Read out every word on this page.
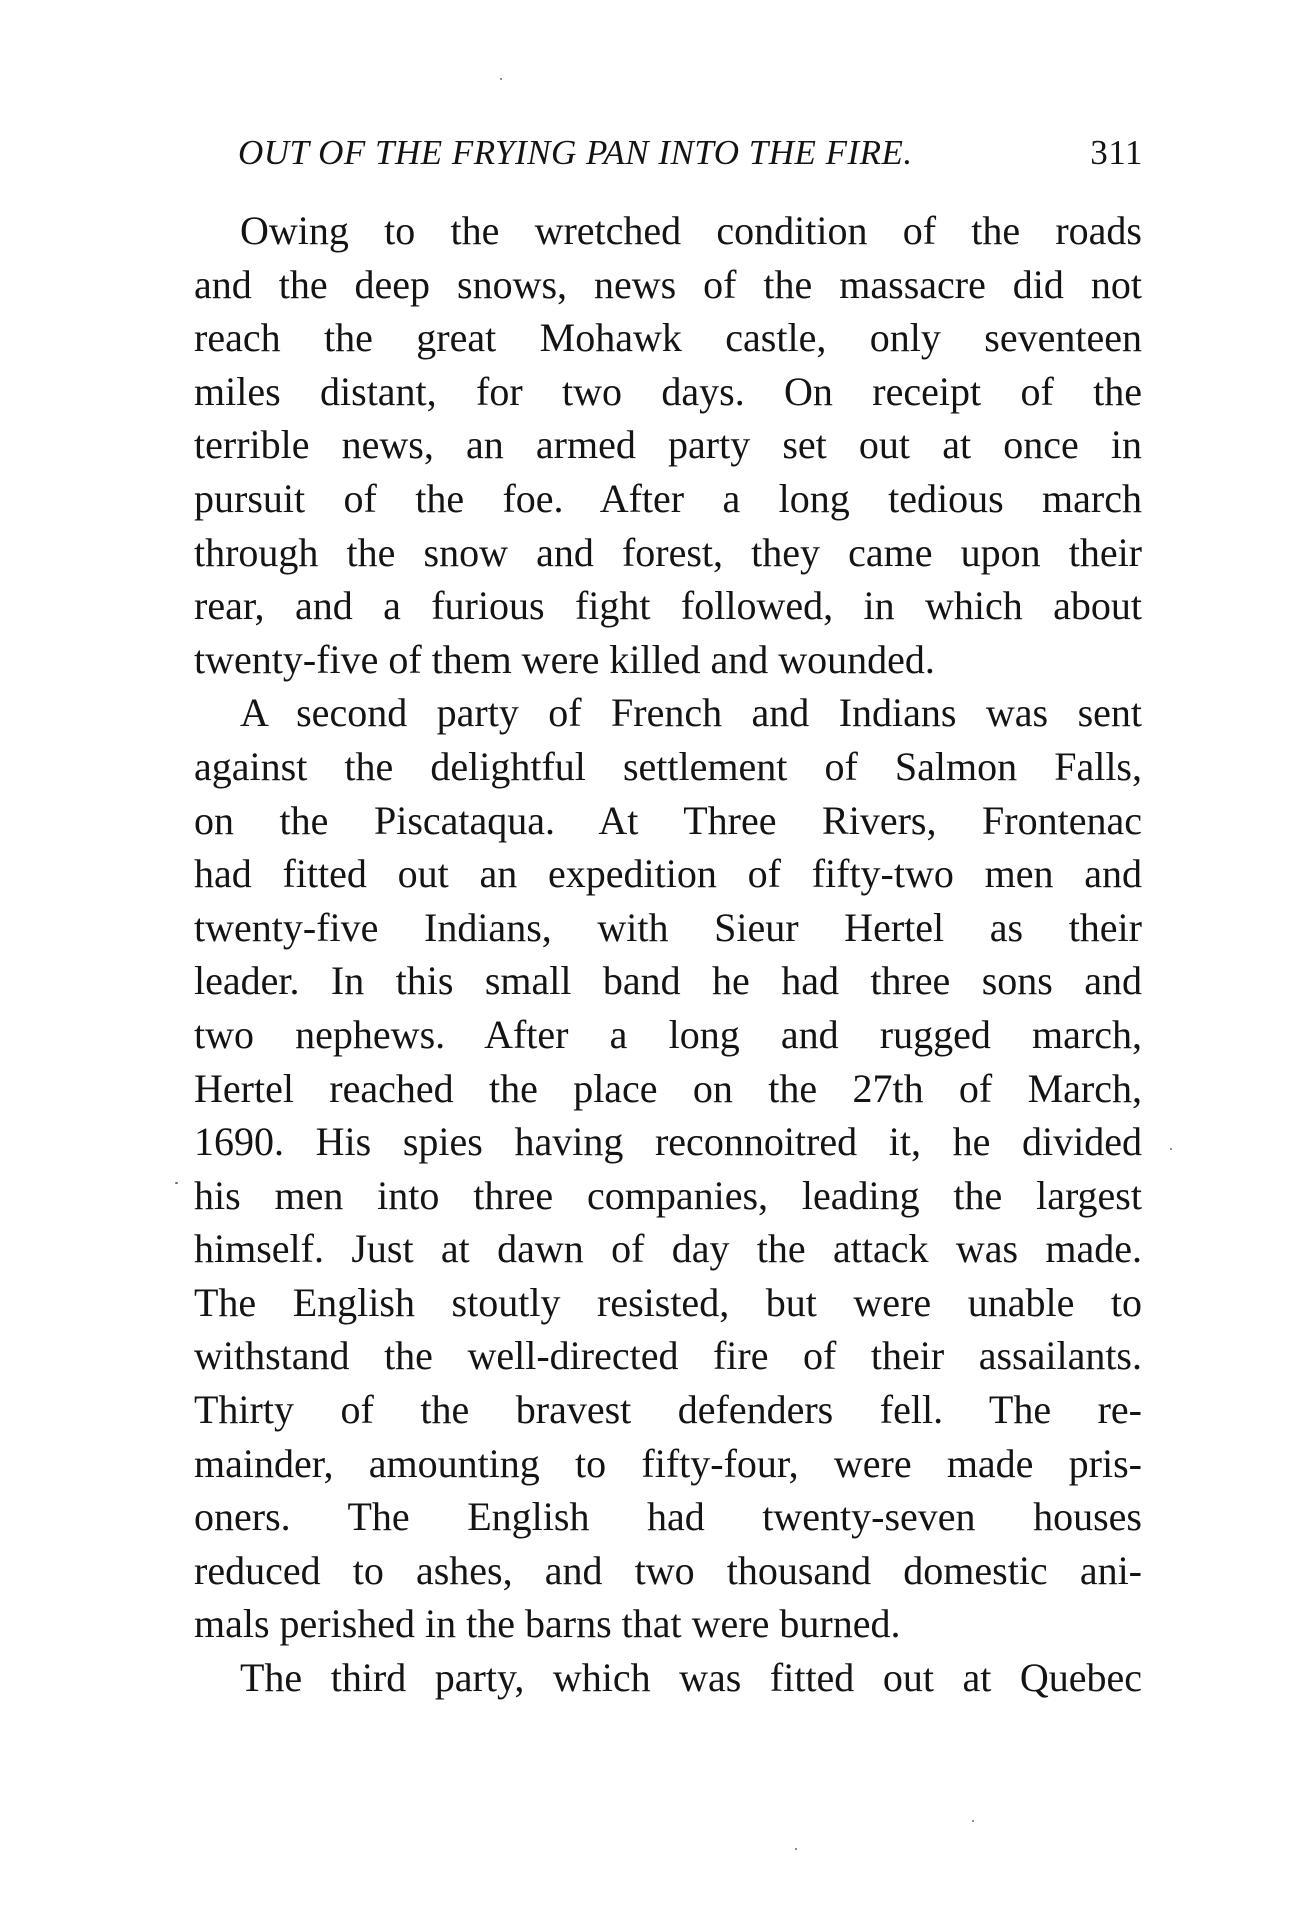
OUT OF THE FRYING PAN INTO THE FIRE.	311
Owing to the wretched condition of the roads
and the deep snows, news of the massacre did not
reach the great Mohawk castle, only seventeen
miles distant, for two days. On receipt of the
terrible news, an armed party set out at once in
pursuit of the foe. After a long tedious march
through the snow and forest, they came upon their
rear, and a furious fight followed, in which about
twenty-five of them were killed and wounded.
A second party of French and Indians was sent
against the delightful settlement of Salmon Falls,
on the Piscataqua. At Three Rivers, Frontenac
had fitted out an expedition of fifty-two men and
twenty-five Indians, with Sieur Hertel as their
leader. In this small band he had three sons and
two nephews. After a long and rugged march,
Hertel reached the place on the 27th of March,
1690. His spies having reconnoitred it, he divided
his men into three companies, leading the largest
himself. Just at dawn of day the attack was made.
The English stoutly resisted, but were unable to
withstand the well-directed fire of their assailants.
Thirty of the bravest defenders fell. The re-
mainder, amounting to fifty-four, were made pris-
oners. The English had twenty-seven houses
reduced to ashes, and two thousand domestic ani-
mals perished in the barns that were burned.
The third party, which was fitted out at Quebec
